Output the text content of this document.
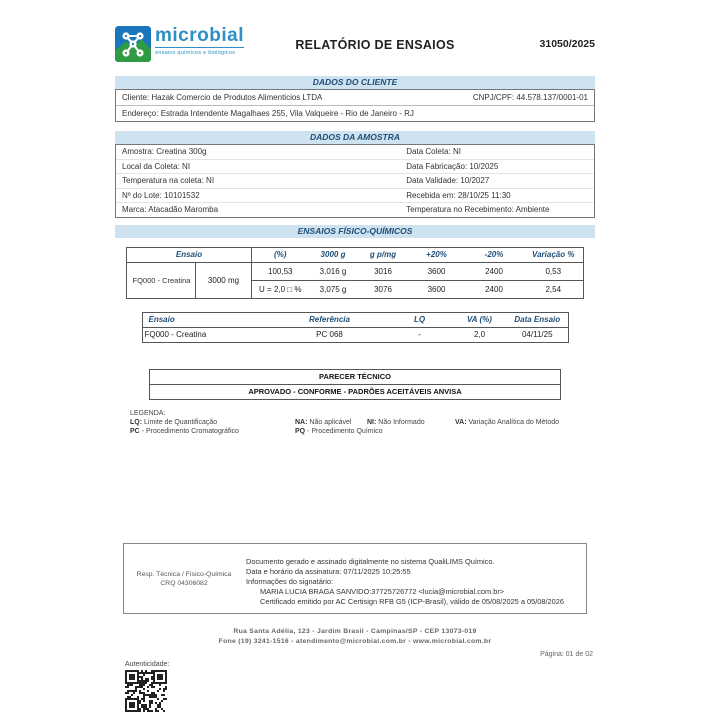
microbial
ensaios químicos e biológicos
RELATÓRIO DE ENSAIOS	31050/2025
DADOS DO CLIENTE
Cliente: Hazak Comercio de Produtos Alimenticios LTDA	CNPJ/CPF: 44.578.137/0001-01
Endereço: Estrada Intendente Magalhaes 255, Vila Valqueire - Rio de Janeiro - RJ
DADOS DA AMOSTRA
Amostra: Creatina 300g	Data Coleta: NI
Local da Coleta: NI	Data Fabricação: 10/2025
Temperatura na coleta: NI	Data Validade: 10/2027
Nº do Lote: 10101532	Recebida em: 28/10/25 11:30
Marca: Atacadão Maromba	Temperatura no Recebimento: Ambiente
ENSAIOS FÍSICO-QUÍMICOS
Ensaio		(%)	3000 g	g p/mg	+20%	-20%	Variação %
FQ000 - Creatina	3000 mg	100,53	3,016 g	3016	3600	2400	0,53
		U = 2,0 □ %	3,075 g	3076	3600	2400	2,54
Ensaio	Referência	LQ	VA (%)	Data Ensaio
FQ000 - Creatina	PC 068	-	2,0	04/11/25
PARECER TÉCNICO
APROVADO - CONFORME - PADRÕES ACEITÁVEIS ANVISA
LEGENDA:
LQ: Limite de Quantificação	NA: Não aplicável	NI: Não Informado	VA: Variação Analítica do Método
PC - Procedimento Cromatográfico	PQ - Procedimento Químico
Resp. Técnica / Físico-Química
CRQ 04306082
Documento gerado e assinado digitalmente no sistema QualiLIMS Químico.
Data e horário da assinatura: 07/11/2025 10:25:55
Informações do signatário:
MARIA LUCIA BRAGA SANVIDO:37725726772 <lucia@microbial.com.br>
Certificado emitido por AC Certisign RFB G5 (ICP-Brasil), válido de 05/08/2025 a 05/08/2026
Rua Santa Adélia, 123 - Jardim Brasil - Campinas/SP - CEP 13073-019
Fone (19) 3241-1516 - atendimento@microbial.com.br - www.microbial.com.br
Página: 01 de 02
Autenticidade:
